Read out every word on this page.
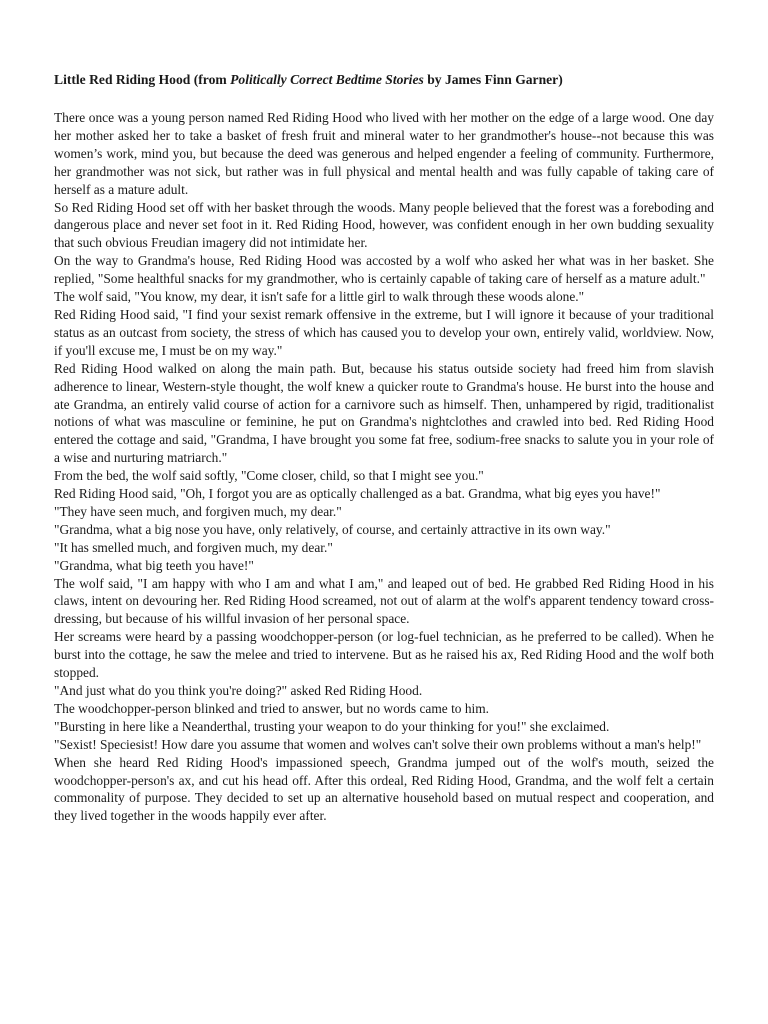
Little Red Riding Hood (from Politically Correct Bedtime Stories by James Finn Garner)

There once was a young person named Red Riding Hood who lived with her mother on the edge of a large wood. One day her mother asked her to take a basket of fresh fruit and mineral water to her grandmother's house--not because this was women’s work, mind you, but because the deed was generous and helped engender a feeling of community. Furthermore, her grandmother was not sick, but rather was in full physical and mental health and was fully capable of taking care of herself as a mature adult.

So Red Riding Hood set off with her basket through the woods. Many people believed that the forest was a foreboding and dangerous place and never set foot in it. Red Riding Hood, however, was confident enough in her own budding sexuality that such obvious Freudian imagery did not intimidate her.

On the way to Grandma's house, Red Riding Hood was accosted by a wolf who asked her what was in her basket. She replied, "Some healthful snacks for my grandmother, who is certainly capable of taking care of herself as a mature adult."

The wolf said, "You know, my dear, it isn't safe for a little girl to walk through these woods alone."

Red Riding Hood said, "I find your sexist remark offensive in the extreme, but I will ignore it because of your traditional status as an outcast from society, the stress of which has caused you to develop your own, entirely valid, worldview. Now, if you'll excuse me, I must be on my way."

Red Riding Hood walked on along the main path. But, because his status outside society had freed him from slavish adherence to linear, Western-style thought, the wolf knew a quicker route to Grandma's house. He burst into the house and ate Grandma, an entirely valid course of action for a carnivore such as himself. Then, unhampered by rigid, traditionalist notions of what was masculine or feminine, he put on Grandma's nightclothes and crawled into bed. Red Riding Hood entered the cottage and said, "Grandma, I have brought you some fat free, sodium-free snacks to salute you in your role of a wise and nurturing matriarch."

From the bed, the wolf said softly, "Come closer, child, so that I might see you."

Red Riding Hood said, "Oh, I forgot you are as optically challenged as a bat. Grandma, what big eyes you have!"

"They have seen much, and forgiven much, my dear."

"Grandma, what a big nose you have, only relatively, of course, and certainly attractive in its own way."

"It has smelled much, and forgiven much, my dear."

"Grandma, what big teeth you have!"

The wolf said, "I am happy with who I am and what I am," and leaped out of bed. He grabbed Red Riding Hood in his claws, intent on devouring her. Red Riding Hood screamed, not out of alarm at the wolf's apparent tendency toward cross-dressing, but because of his willful invasion of her personal space.

Her screams were heard by a passing woodchopper-person (or log-fuel technician, as he preferred to be called). When he burst into the cottage, he saw the melee and tried to intervene. But as he raised his ax, Red Riding Hood and the wolf both stopped.

"And just what do you think you're doing?" asked Red Riding Hood.

The woodchopper-person blinked and tried to answer, but no words came to him.

"Bursting in here like a Neanderthal, trusting your weapon to do your thinking for you!" she exclaimed.

"Sexist! Speciesist! How dare you assume that women and wolves can't solve their own problems without a man's help!"

When she heard Red Riding Hood's impassioned speech, Grandma jumped out of the wolf's mouth, seized the woodchopper-person's ax, and cut his head off. After this ordeal, Red Riding Hood, Grandma, and the wolf felt a certain commonality of purpose. They decided to set up an alternative household based on mutual respect and cooperation, and they lived together in the woods happily ever after.
